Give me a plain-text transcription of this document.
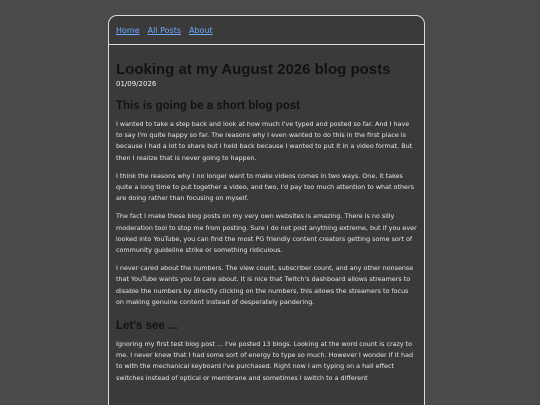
Home All Posts About
Looking at my August 2026 blog posts
01/09/2026
This is going be a short blog post

I wanted to take a step back and look at how much I've typed and posted so far. And I have to say I'm quite happy so far. The reasons why I even wanted to do this in the first place is because I had a lot to share but I held back because I wanted to put it in a video format. But then I realize that is never going to happen.

I think the reasons why I no longer want to make videos comes in two ways. One, it takes quite a long time to put together a video, and two, I'd pay too much attention to what others are doing rather than focusing on myself.

The fact I make these blog posts on my very own websites is amazing. There is no silly moderation tool to stop me from posting. Sure I do not post anything extreme, but if you ever looked into YouTube, you can find the most PG friendly content creators getting some sort of community guideline strike or something ridiculous.

I never cared about the numbers. The view count, subscriber count, and any other nonsense that YouTube wants you to care about. It is nice that Twitch's dashboard allows streamers to disable the numbers by directly clicking on the numbers, this allows the streamers to focus on making genuine content instead of desperately pandering.

Let's see ...

Ignoring my first test blog post ... I've posted 13 blogs. Looking at the word count is crazy to me. I never knew that I had some sort of energy to type so much. However I wonder if it had to with the mechanical keyboard I've purchased. Right now I am typing on a hall effect switches instead of optical or membrane and sometimes I switch to a different
